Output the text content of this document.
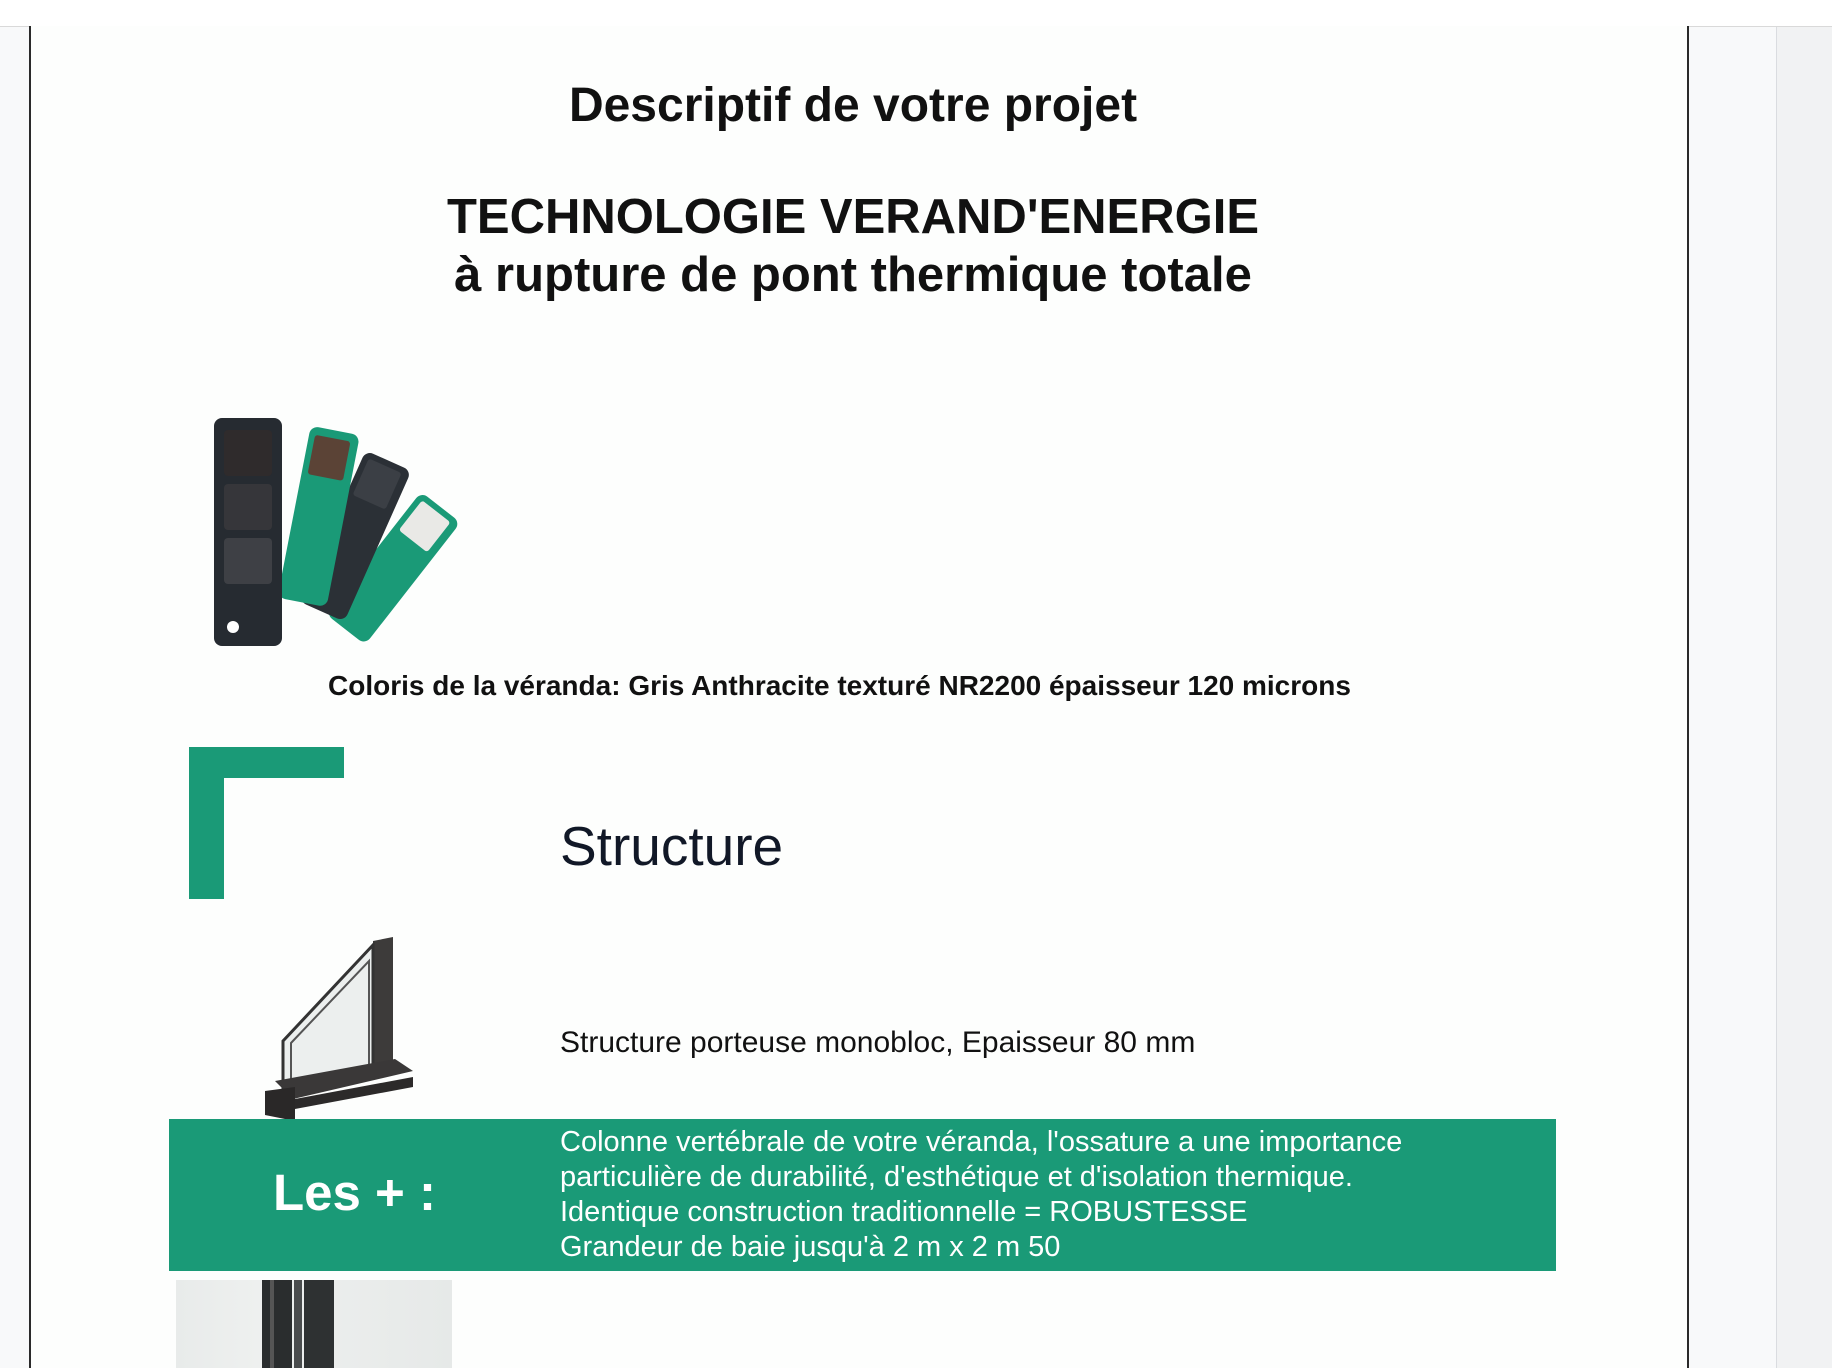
Descriptif de votre projet
TECHNOLOGIE VERAND'ENERGIE
à rupture de pont thermique totale
Coloris de la véranda: Gris Anthracite texturé NR2200 épaisseur 120 microns
Structure
Structure porteuse monobloc, Epaisseur 80 mm
Les + :
Colonne vertébrale de votre véranda, l'ossature a une importance
particulière de durabilité, d'esthétique et d'isolation thermique.
Identique construction traditionnelle = ROBUSTESSE
Grandeur de baie jusqu'à 2 m x 2 m 50
